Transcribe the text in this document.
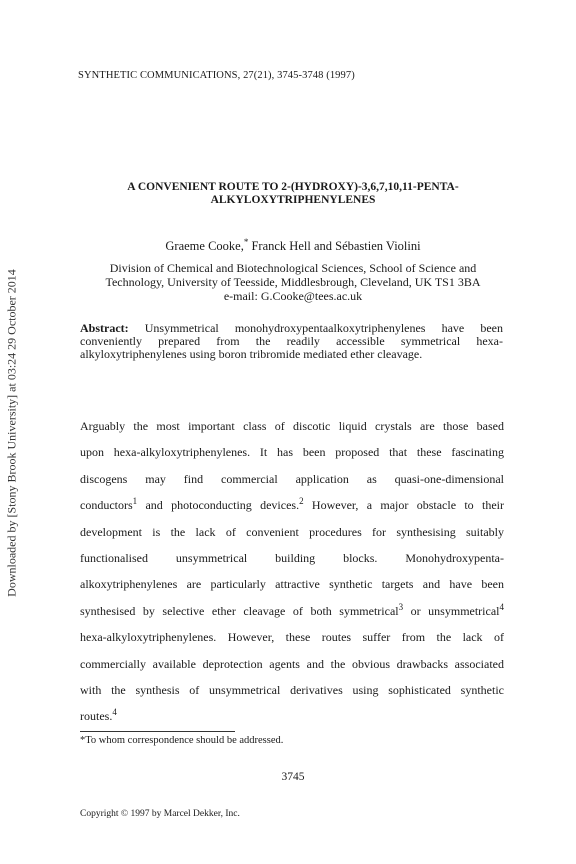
SYNTHETIC COMMUNICATIONS, 27(21), 3745-3748 (1997)
Downloaded by [Stony Brook University] at 03:24 29 October 2014
A CONVENIENT ROUTE TO 2-(HYDROXY)-3,6,7,10,11-PENTA-
ALKYLOXYTRIPHENYLENES
Graeme Cooke,* Franck Hell and Sébastien Violini
Division of Chemical and Biotechnological Sciences, School of Science and
Technology, University of Teesside, Middlesbrough, Cleveland, UK TS1 3BA
e-mail: G.Cooke@tees.ac.uk
Abstract: Unsymmetrical monohydroxypentaalkoxytriphenylenes have been
conveniently prepared from the readily accessible symmetrical hexa-
alkyloxytriphenylenes using boron tribromide mediated ether cleavage.
Arguably the most important class of discotic liquid crystals are those based
upon hexa-alkyloxytriphenylenes. It has been proposed that these fascinating
discogens may find commercial application as quasi-one-dimensional
conductors$^1$ and photoconducting devices.$^2$ However, a major obstacle to their
development is the lack of convenient procedures for synthesising suitably
functionalised unsymmetrical building blocks. Monohydroxypenta-
alkoxytriphenylenes are particularly attractive synthetic targets and have been
synthesised by selective ether cleavage of both symmetrical$^3$ or unsymmetrical$^4$
hexa-alkyloxytriphenylenes. However, these routes suffer from the lack of
commercially available deprotection agents and the obvious drawbacks associated
with the synthesis of unsymmetrical derivatives using sophisticated synthetic
routes.$^4$
*To whom correspondence should be addressed.
3745
Copyright © 1997 by Marcel Dekker, Inc.
